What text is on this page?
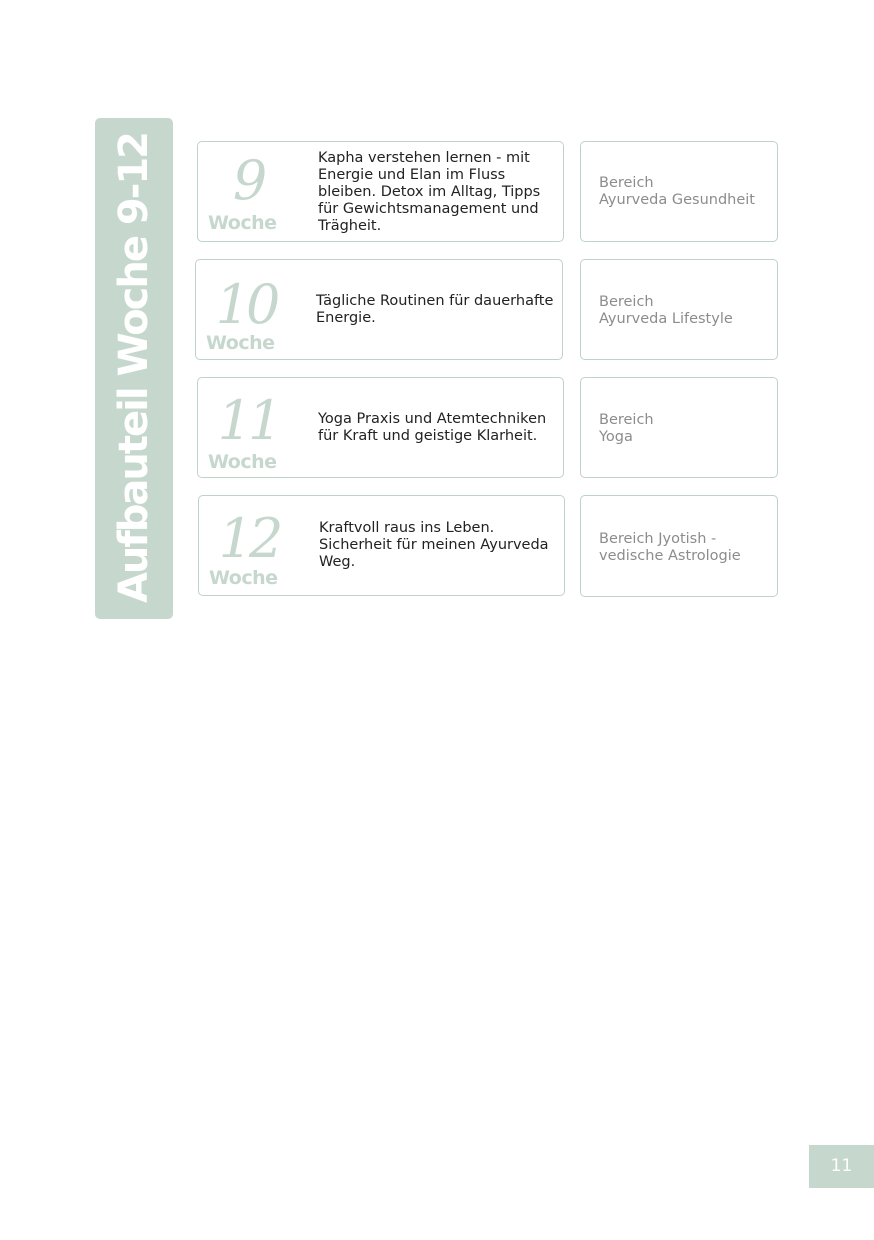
Aufbauteil Woche 9-12	9
Woche
Kapha verstehen lernen - mit Energie und Elan im Fluss bleiben. Detox im Alltag, Tipps für Gewichtsmanagement und Trägheit.
Bereich
Ayurveda Gesundheit
10
Woche
Tägliche Routinen für dauerhafte Energie.
Bereich
Ayurveda Lifestyle
11
Woche
Yoga Praxis und Atemtechniken für Kraft und geistige Klarheit.
Bereich
Yoga
12
Woche
Kraftvoll raus ins Leben. Sicherheit für meinen Ayurveda Weg.
Bereich Jyotish -
vedische Astrologie
11
